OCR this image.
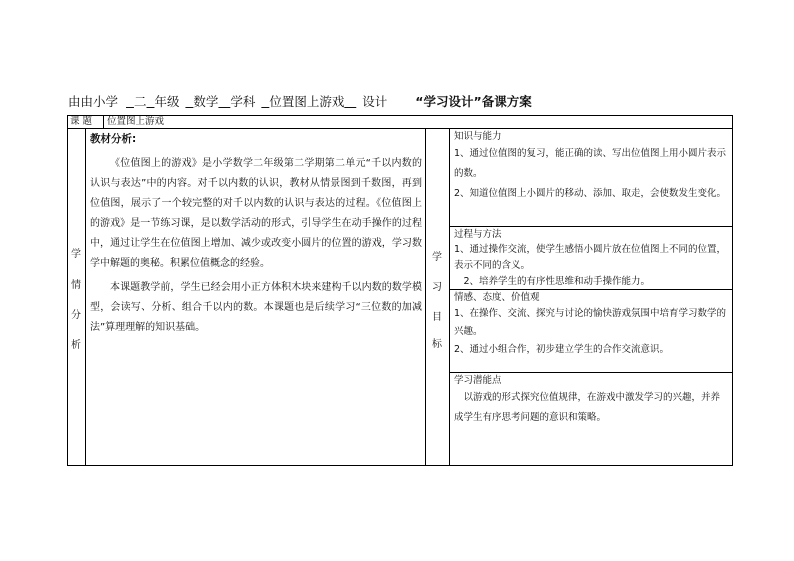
由由小学 二 年级 数学 学科 位置图上游戏 设计 “学习设计”备课方案
课 题 位置图上游戏
学
情
分
析
教材分析:
《位值图上的游戏》是小学数学二年级第二学期第二单元“千以内数的认识与表达”中的内容。对千以内数的认识，教材从情景图到千数图，再到位值图，展示了一个较完整的对千以内数的认识与表达的过程。《位值图上的游戏》是一节练习课，是以数学活动的形式，引导学生在动手操作的过程中，通过让学生在位值图上增加、减少或改变小圆片的位置的游戏，学习数学中解题的奥秘。积累位值概念的经验。
本课题教学前，学生已经会用小正方体积木块来建构千以内数的数学模型，会读写、分析、组合千以内的数。本课题也是后续学习“三位数的加减法”算理理解的知识基础。
学
习
目
标
知识与能力
1、通过位值图的复习，能正确的读、写出位值图上用小圆片表示的数。
2、知道位值图上小圆片的移动、添加、取走，会使数发生变化。
过程与方法
1、通过操作交流，使学生感悟小圆片放在位值图上不同的位置，表示不同的含义。
　2、培养学生的有序性思维和动手操作能力。
情感、态度、价值观
1、在操作、交流、探究与讨论的愉快游戏氛围中培育学习数学的兴趣。
2、通过小组合作，初步建立学生的合作交流意识。
学习潜能点
　以游戏的形式探究位值规律，在游戏中激发学习的兴趣，并养成学生有序思考问题的意识和策略。
